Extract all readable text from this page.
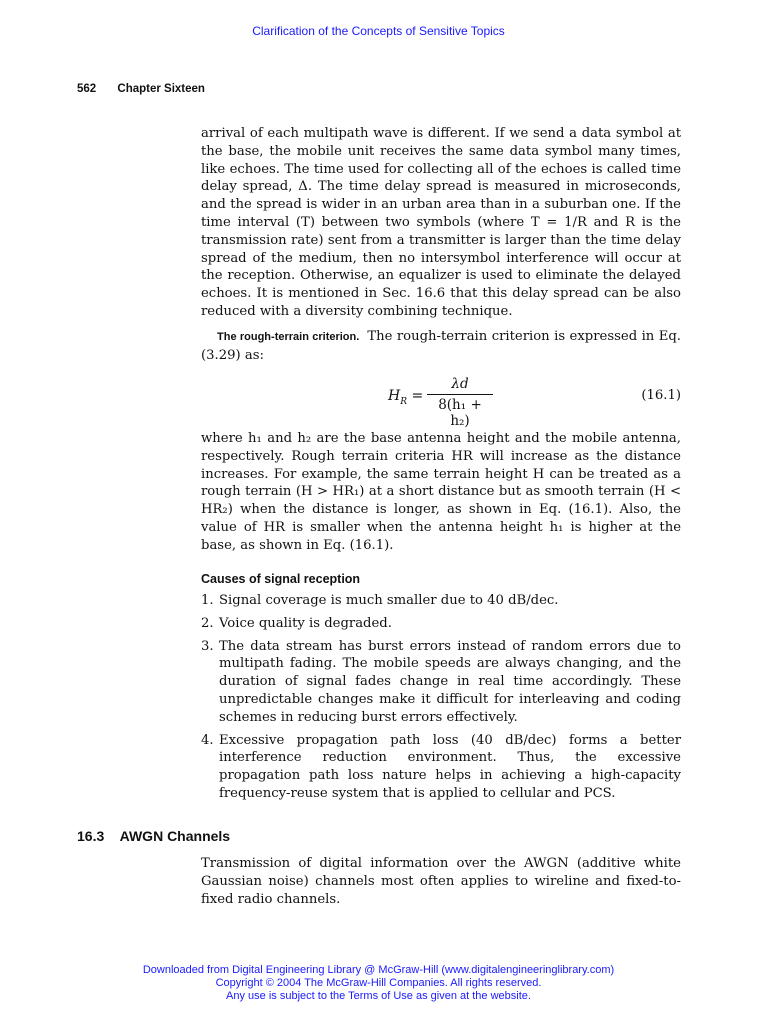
Clarification of the Concepts of Sensitive Topics
562 Chapter Sixteen

arrival of each multipath wave is different. If we send a data symbol at the base, the mobile unit receives the same data symbol many times, like echoes. The time used for collecting all of the echoes is called time delay spread, Δ. The time delay spread is measured in microseconds, and the spread is wider in an urban area than in a suburban one. If the time interval (T) between two symbols (where T = 1/R and R is the transmission rate) sent from a transmitter is larger than the time delay spread of the medium, then no intersymbol interference will occur at the reception. Otherwise, an equalizer is used to eliminate the delayed echoes. It is mentioned in Sec. 16.6 that this delay spread can be also reduced with a diversity combining technique.

The rough-terrain criterion. The rough-terrain criterion is expressed in Eq. (3.29) as:

$H_R = \frac{\lambda d}{\text{8(h₁ + h₂)}}$	(16.1)

where h₁ and h₂ are the base antenna height and the mobile antenna, respectively. Rough terrain criteria HR will increase as the distance increases. For example, the same terrain height H can be treated as a rough terrain (H > HR₁) at a short distance but as smooth terrain (H < HR₂) when the distance is longer, as shown in Eq. (16.1). Also, the value of HR is smaller when the antenna height h₁ is higher at the base, as shown in Eq. (16.1).

Causes of signal reception
1. Signal coverage is much smaller due to 40 dB/dec.
2. Voice quality is degraded.
3. The data stream has burst errors instead of random errors due to multipath fading. The mobile speeds are always changing, and the duration of signal fades change in real time accordingly. These unpredictable changes make it difficult for interleaving and coding schemes in reducing burst errors effectively.
4. Excessive propagation path loss (40 dB/dec) forms a better interference reduction environment. Thus, the excessive propagation path loss nature helps in achieving a high-capacity frequency-reuse system that is applied to cellular and PCS.
16.3 AWGN Channels

Transmission of digital information over the AWGN (additive white Gaussian noise) channels most often applies to wireline and fixed-to-fixed radio channels.

Downloaded from Digital Engineering Library @ McGraw-Hill (www.digitalengineeringlibrary.com)
Copyright © 2004 The McGraw-Hill Companies. All rights reserved.
Any use is subject to the Terms of Use as given at the website.
